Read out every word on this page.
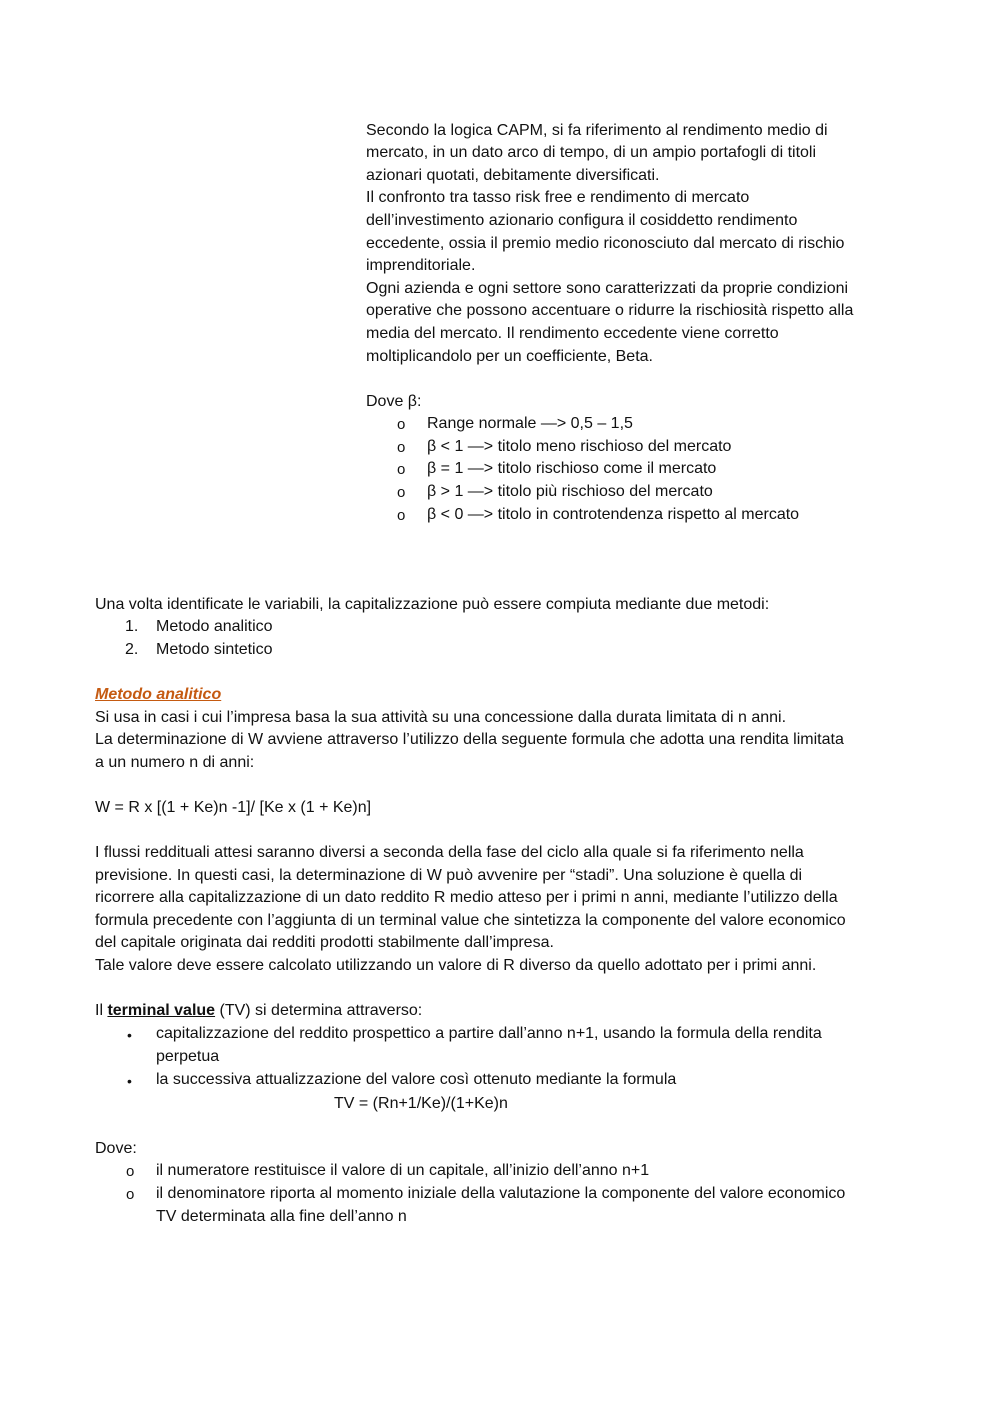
Secondo la logica CAPM, si fa riferimento al rendimento medio di
mercato, in un dato arco di tempo, di un ampio portafogli di titoli
azionari quotati, debitamente diversificati.
Il confronto tra tasso risk free e rendimento di mercato
dell’investimento azionario configura il cosiddetto rendimento
eccedente, ossia il premio medio riconosciuto dal mercato di rischio
imprenditoriale.
Ogni azienda e ogni settore sono caratterizzati da proprie condizioni
operative che possono accentuare o ridurre la rischiosità rispetto alla
media del mercato. Il rendimento eccedente viene corretto
moltiplicandolo per un coefficiente, Beta.
Dove β:
o Range normale —> 0,5 – 1,5
o β < 1 —> titolo meno rischioso del mercato
o β = 1 —> titolo rischioso come il mercato
o β > 1 —> titolo più rischioso del mercato
o β < 0 —> titolo in controtendenza rispetto al mercato
Una volta identificate le variabili, la capitalizzazione può essere compiuta mediante due metodi:
1. Metodo analitico
2. Metodo sintetico
Metodo analitico
Si usa in casi i cui l’impresa basa la sua attività su una concessione dalla durata limitata di n anni.
La determinazione di W avviene attraverso l’utilizzo della seguente formula che adotta una rendita limitata
a un numero n di anni:
W = R x [(1 + Ke)n -1]/ [Ke x (1 + Ke)n]
I flussi reddituali attesi saranno diversi a seconda della fase del ciclo alla quale si fa riferimento nella
previsione. In questi casi, la determinazione di W può avvenire per “stadi”. Una soluzione è quella di
ricorrere alla capitalizzazione di un dato reddito R medio atteso per i primi n anni, mediante l’utilizzo della
formula precedente con l’aggiunta di un terminal value che sintetizza la componente del valore economico
del capitale originata dai redditi prodotti stabilmente dall’impresa.
Tale valore deve essere calcolato utilizzando un valore di R diverso da quello adottato per i primi anni.
Il terminal value (TV) si determina attraverso:
• capitalizzazione del reddito prospettico a partire dall’anno n+1, usando la formula della rendita
perpetua
• la successiva attualizzazione del valore così ottenuto mediante la formula
TV = (Rn+1/Ke)/(1+Ke)n
Dove:
o il numeratore restituisce il valore di un capitale, all’inizio dell’anno n+1
o il denominatore riporta al momento iniziale della valutazione la componente del valore economico
TV determinata alla fine dell’anno n
